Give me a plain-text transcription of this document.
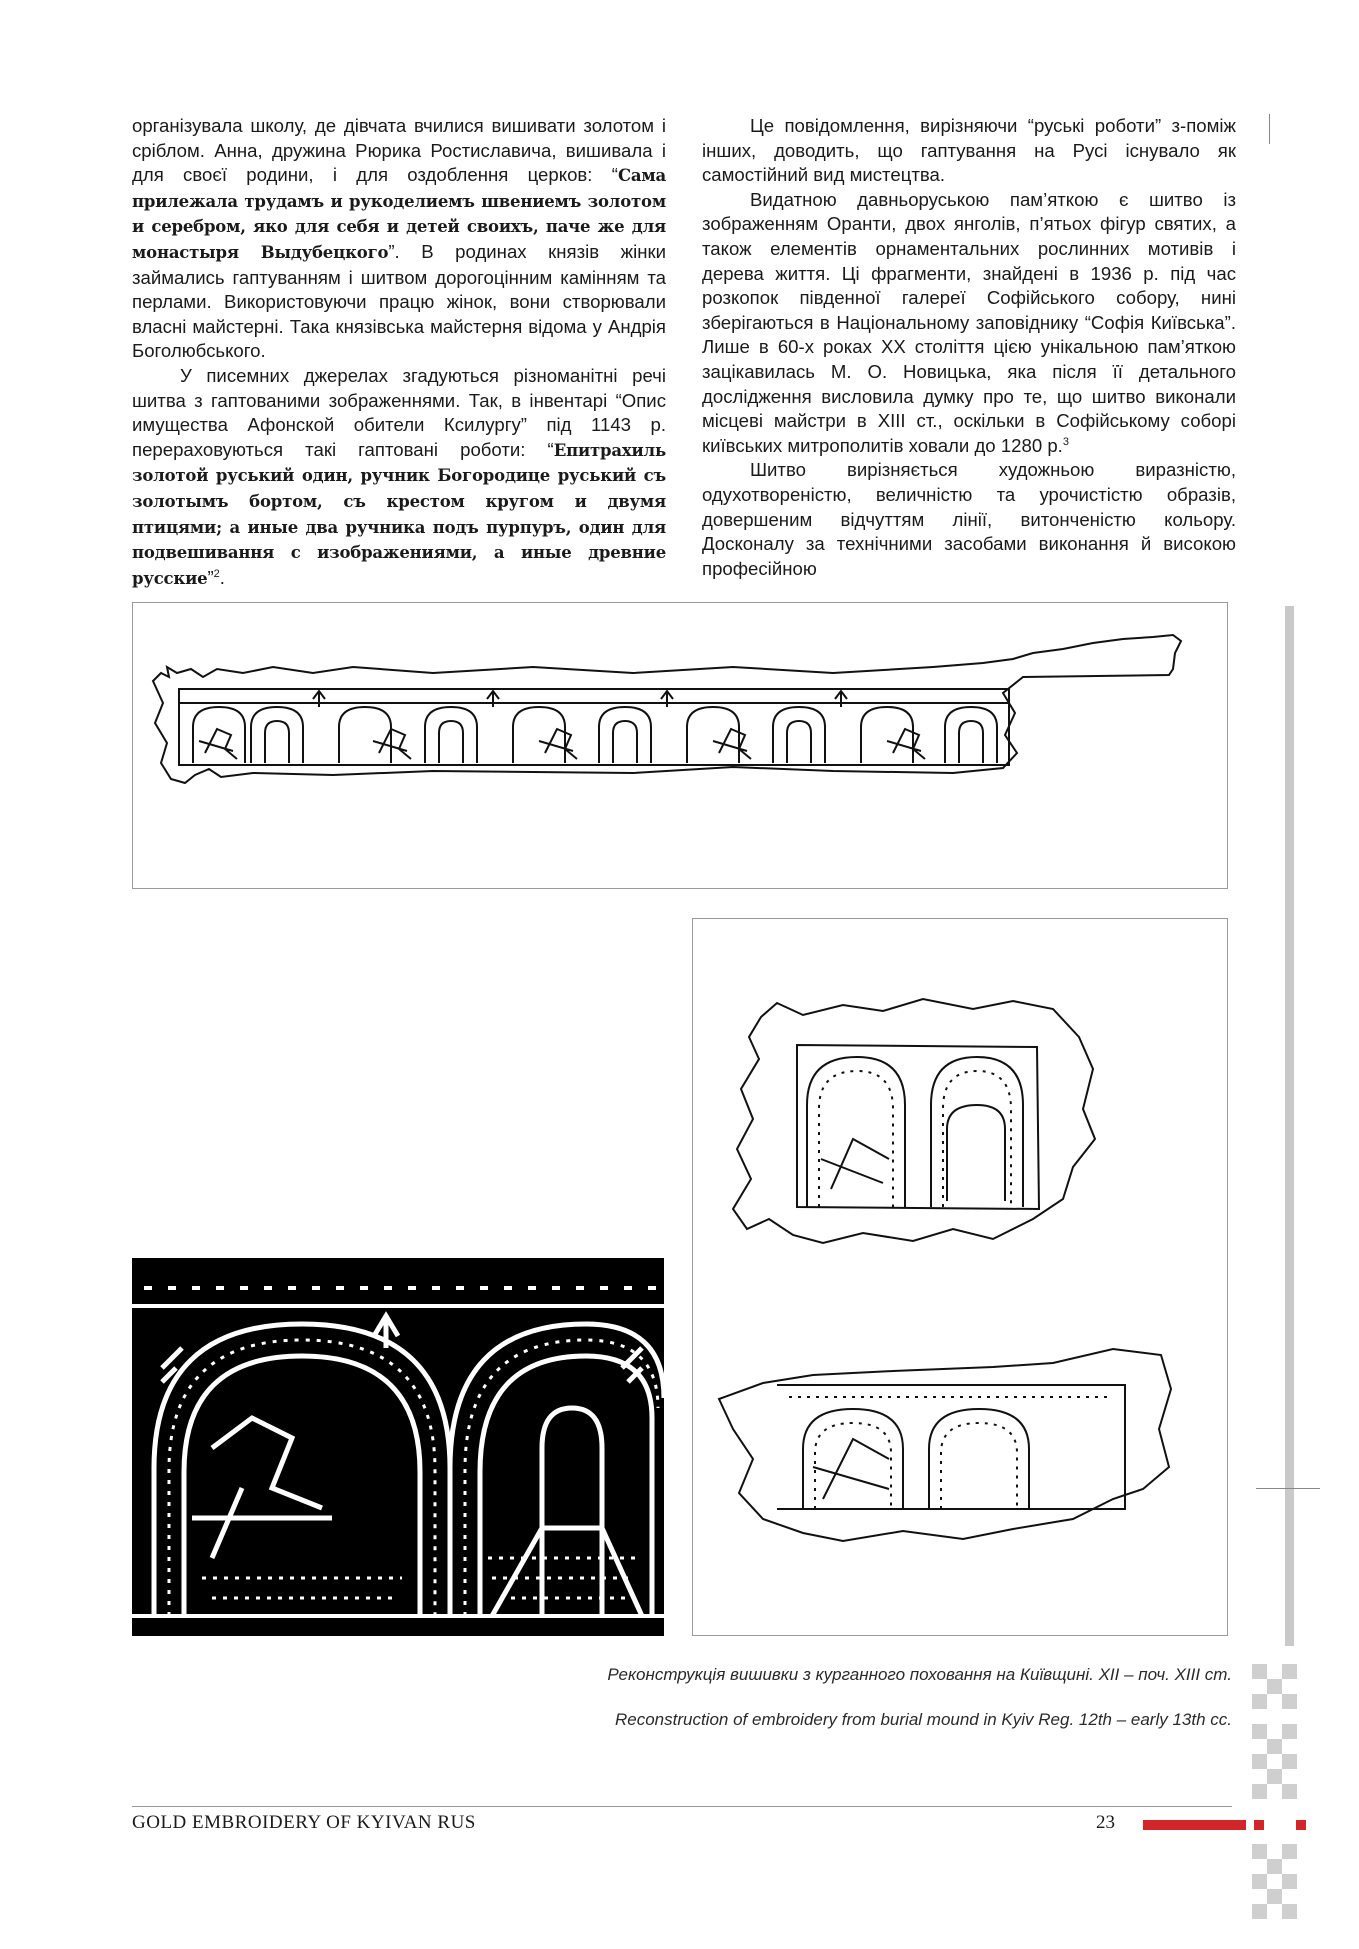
організувала школу, де дівчата вчилися вишивати золотом і сріблом. Анна, дружина Рюрика Ростиславича, вишивала і для своєї родини, і для оздоблення церков: “Сама прилежала трудамъ и рукоделиемъ швениемъ золотом и серебром, яко для себя и детей своихъ, паче же для монастыря Выдубецкого”. В родинах князів жінки займались гаптуванням і шитвом дорогоцінним камінням та перлами. Використовуючи працю жінок, вони створювали власні майстерні. Така князівська майстерня відома у Андрія Боголюбського.

У писемних джерелах згадуються різноманітні речі шитва з гаптованими зображеннями. Так, в інвентарі “Опис имущества Афонской обители Ксилургу” під 1143 р. перераховуються такі гаптовані роботи: “Епитрахиль золотой руський один, ручник Богородице руський съ золотымъ бортом, съ крестом кругом и двумя птицями; а иные два ручника подъ пурпуръ, один для подвешивання с изображениями, а иные древние русские”$^2$.

Це повідомлення, вирізняючи “руські роботи” з-поміж інших, доводить, що гаптування на Русі існувало як самостійний вид мистецтва.

Видатною давньоруською пам’яткою є шитво із зображенням Оранти, двох янголів, п’ятьох фігур святих, а також елементів орнаментальних рослинних мотивів і дерева життя. Ці фрагменти, знайдені в 1936 р. під час розкопок південної галереї Софійського собору, нині зберігаються в Національному заповіднику “Софія Київська”. Лише в 60-х роках XX століття цією унікальною пам’яткою зацікавилась М. О. Новицька, яка після її детального дослідження висловила думку про те, що шитво виконали місцеві майстри в XIII ст., оскільки в Софійському соборі київських митрополитів ховали до 1280 р.$^3$

Шитво вирізняється художньою виразністю, одухотвореністю, величністю та урочистістю образів, довершеним відчуттям лінії, витонченістю кольору. Досконалу за технічними засобами виконання й високою професійною

Реконструкція вишивки з курганного поховання на Київщині. XII – поч. XIII ст.
Reconstruction of embroidery from burial mound in Kyiv Reg. 12th – early 13th cc.
GOLD EMBROIDERY OF KYIVAN RUS	23
